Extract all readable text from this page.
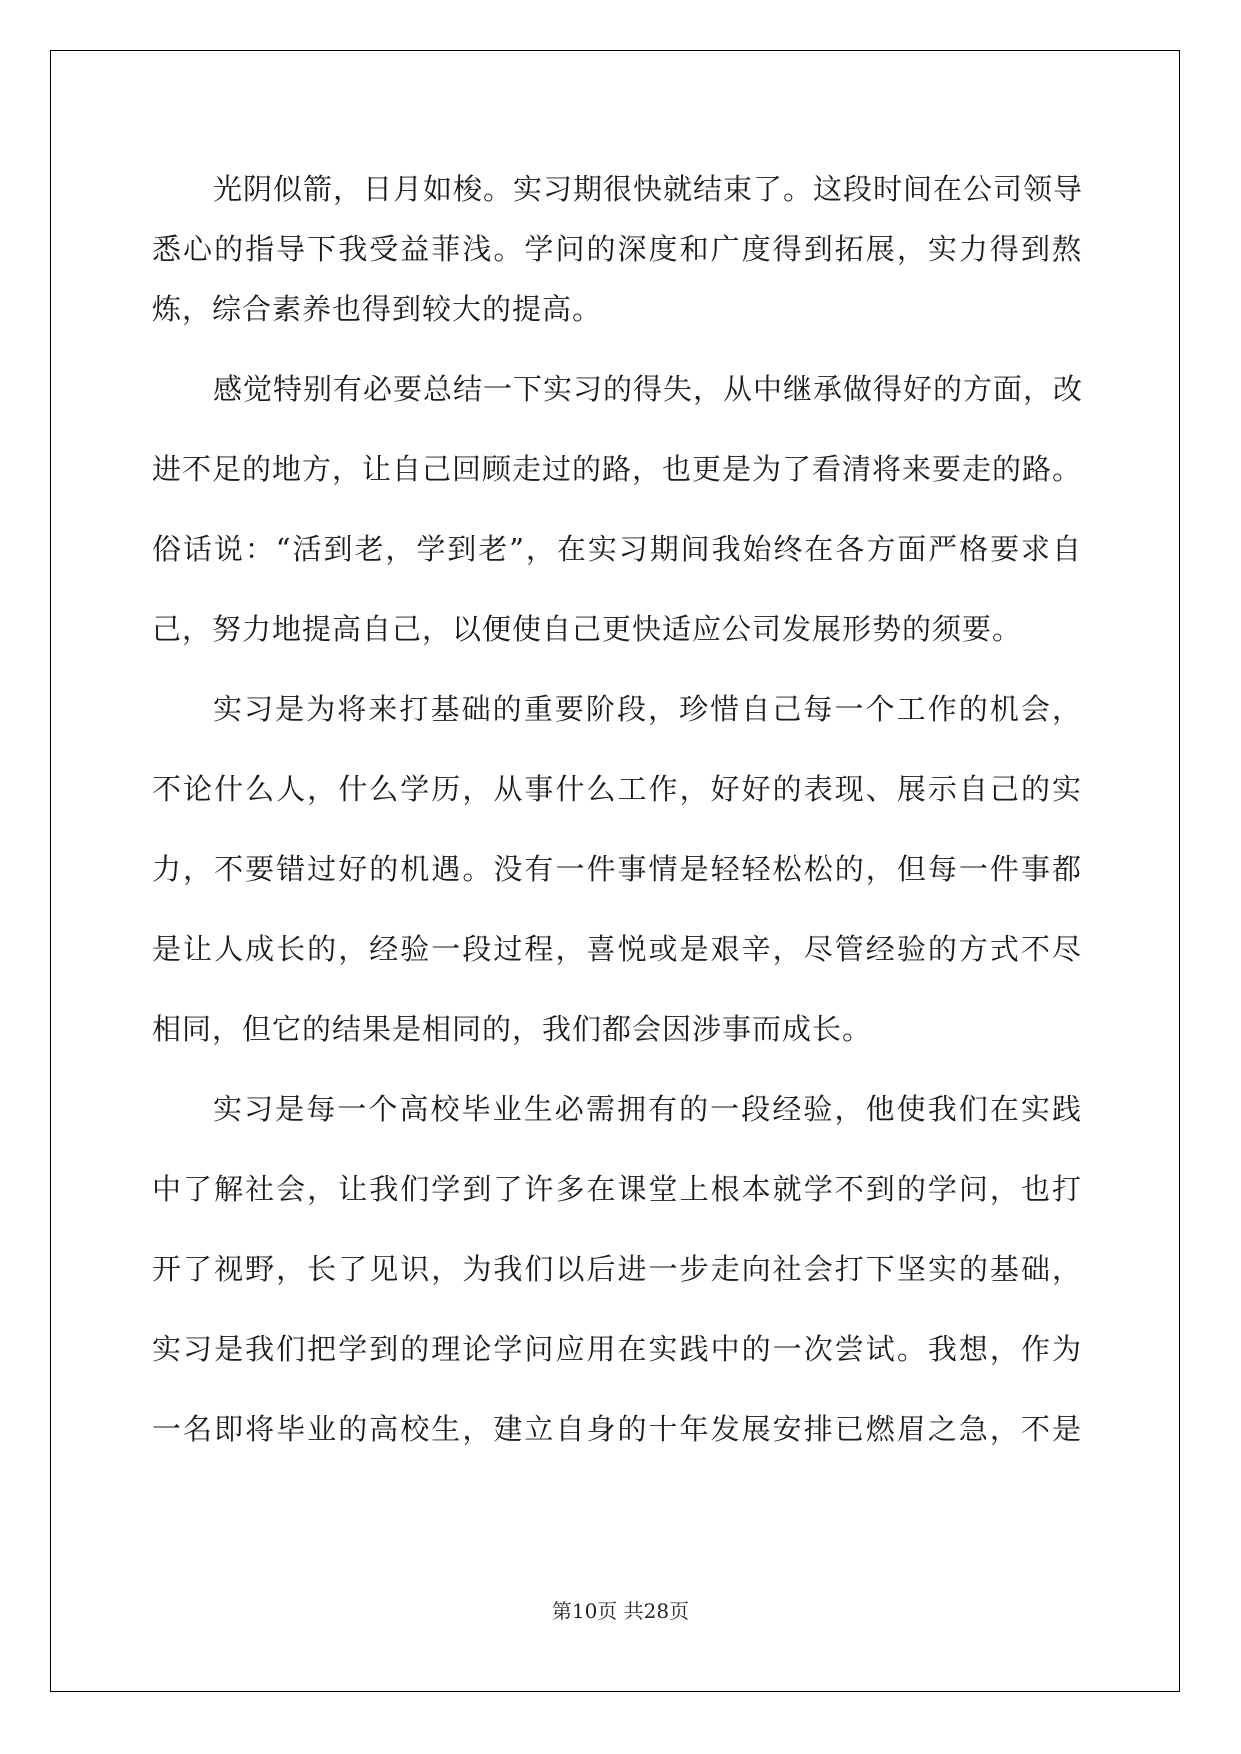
光阴似箭，日月如梭。实习期很快就结束了。这段时间在公司领导
悉心的指导下我受益菲浅。学问的深度和广度得到拓展，实力得到熬
炼，综合素养也得到较大的提高。
感觉特别有必要总结一下实习的得失，从中继承做得好的方面，改
进不足的地方，让自己回顾走过的路，也更是为了看清将来要走的路。
俗话说：“活到老，学到老”，在实习期间我始终在各方面严格要求自
己，努力地提高自己，以便使自己更快适应公司发展形势的须要。
实习是为将来打基础的重要阶段，珍惜自己每一个工作的机会，
不论什么人，什么学历，从事什么工作，好好的表现、展示自己的实
力，不要错过好的机遇。没有一件事情是轻轻松松的，但每一件事都
是让人成长的，经验一段过程，喜悦或是艰辛，尽管经验的方式不尽
相同，但它的结果是相同的，我们都会因涉事而成长。
实习是每一个高校毕业生必需拥有的一段经验，他使我们在实践
中了解社会，让我们学到了许多在课堂上根本就学不到的学问，也打
开了视野，长了见识，为我们以后进一步走向社会打下坚实的基础，
实习是我们把学到的理论学问应用在实践中的一次尝试。我想，作为
一名即将毕业的高校生，建立自身的十年发展安排已燃眉之急，不是
第10页 共28页
